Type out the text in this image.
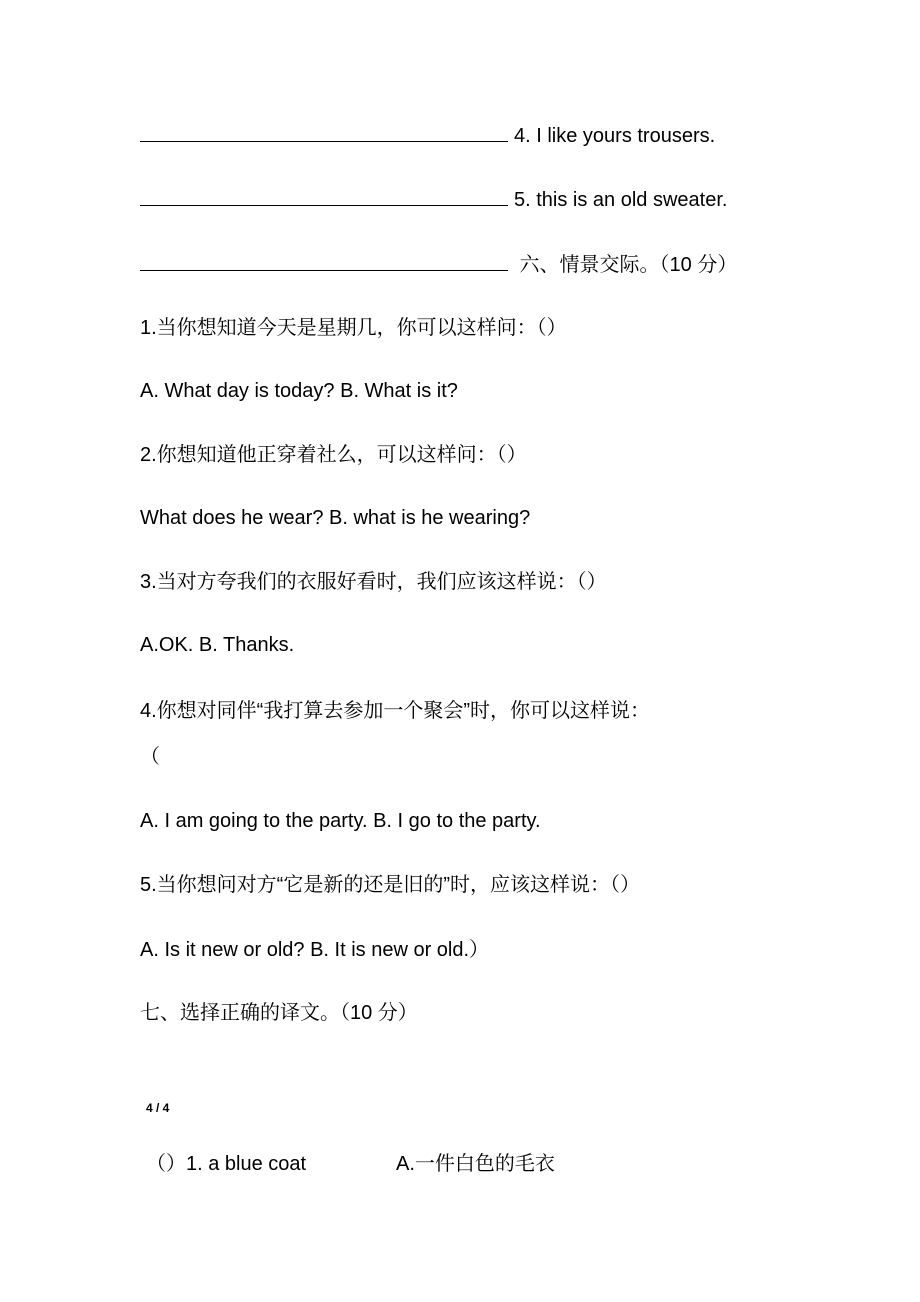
4. I like yours trousers.
5. this is an old sweater.
六、情景交际。（10 分）
1.当你想知道今天是星期几，你可以这样问：（）
A. What day is today? B. What is it?
2.你想知道他正穿着社么，可以这样问：（）
What does he wear? B. what is he wearing?
3.当对方夸我们的衣服好看时，我们应该这样说：（）
A.OK. B. Thanks.
4.你想对同伴“我打算去参加一个聚会”时，你可以这样说：
（
A. I am going to the party. B. I go to the party.
5.当你想问对方“它是新的还是旧的”时，应该这样说：（）
A. Is it new or old? B. It is new or old.）
七、选择正确的译文。（10 分）
4 / 4
（）1. a blue coat	A.一件白色的毛衣
